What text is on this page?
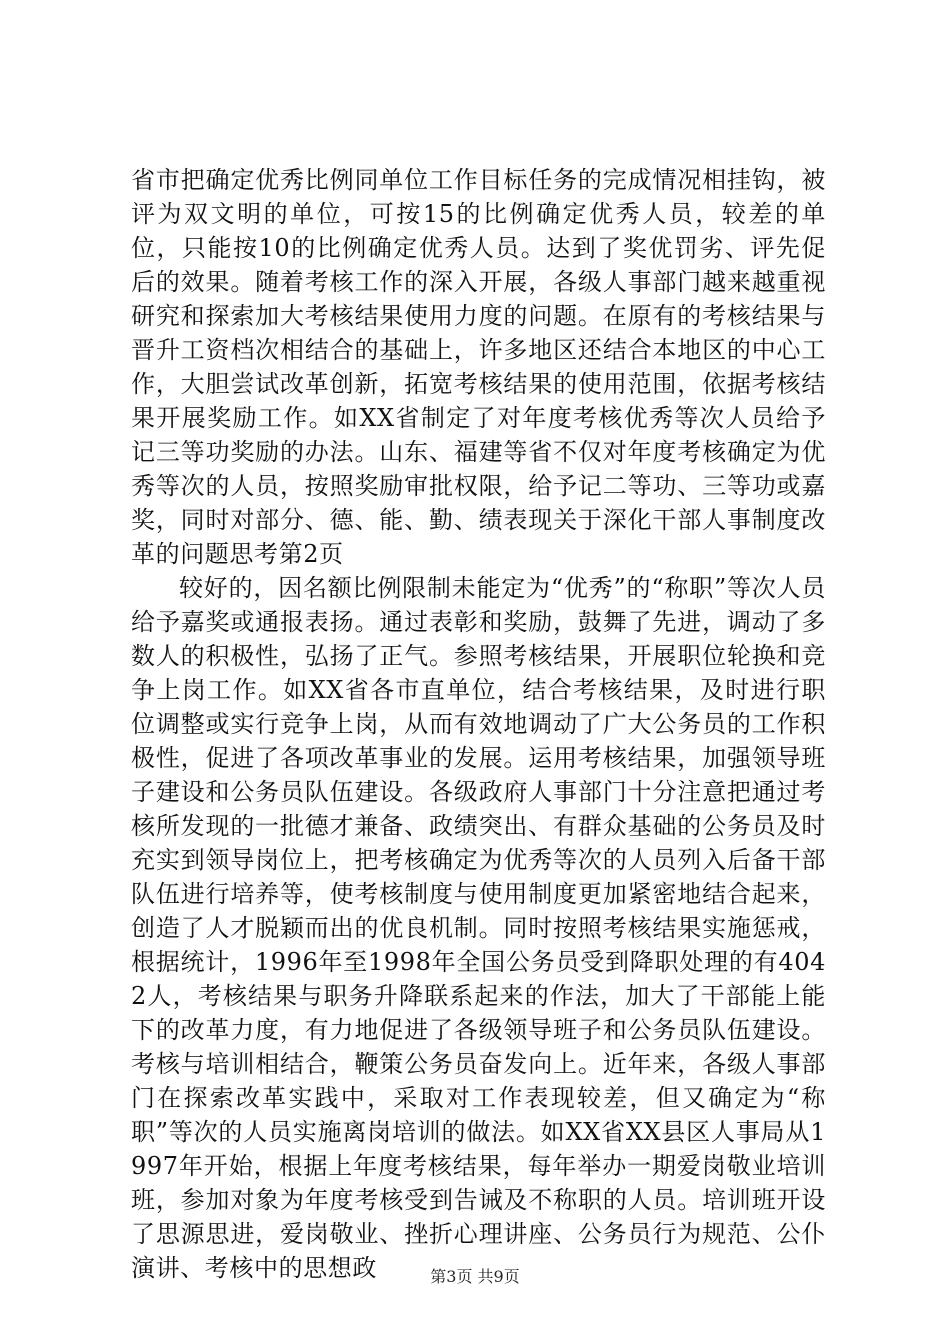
省市把确定优秀比例同单位工作目标任务的完成情况相挂钩，被评为双文明的单位，可按15的比例确定优秀人员，较差的单位，只能按10的比例确定优秀人员。达到了奖优罚劣、评先促后的效果。随着考核工作的深入开展，各级人事部门越来越重视研究和探索加大考核结果使用力度的问题。在原有的考核结果与晋升工资档次相结合的基础上，许多地区还结合本地区的中心工作，大胆尝试改革创新，拓宽考核结果的使用范围，依据考核结果开展奖励工作。如XX省制定了对年度考核优秀等次人员给予记三等功奖励的办法。山东、福建等省不仅对年度考核确定为优秀等次的人员，按照奖励审批权限，给予记二等功、三等功或嘉奖，同时对部分、德、能、勤、绩表现关于深化干部人事制度改革的问题思考第2页

较好的，因名额比例限制未能定为“优秀”的“称职”等次人员给予嘉奖或通报表扬。通过表彰和奖励，鼓舞了先进，调动了多数人的积极性，弘扬了正气。参照考核结果，开展职位轮换和竞争上岗工作。如XX省各市直单位，结合考核结果，及时进行职位调整或实行竞争上岗，从而有效地调动了广大公务员的工作积极性，促进了各项改革事业的发展。运用考核结果，加强领导班子建设和公务员队伍建设。各级政府人事部门十分注意把通过考核所发现的一批德才兼备、政绩突出、有群众基础的公务员及时充实到领导岗位上，把考核确定为优秀等次的人员列入后备干部队伍进行培养等，使考核制度与使用制度更加紧密地结合起来，创造了人才脱颖而出的优良机制。同时按照考核结果实施惩戒，根据统计，1996年至1998年全国公务员受到降职处理的有4042人，考核结果与职务升降联系起来的作法，加大了干部能上能下的改革力度，有力地促进了各级领导班子和公务员队伍建设。考核与培训相结合，鞭策公务员奋发向上。近年来，各级人事部门在探索改革实践中，采取对工作表现较差，但又确定为“称职”等次的人员实施离岗培训的做法。如XX省XX县区人事局从1997年开始，根据上年度考核结果，每年举办一期爱岗敬业培训班，参加对象为年度考核受到告诫及不称职的人员。培训班开设了思源思进，爱岗敬业、挫折心理讲座、公务员行为规范、公仆演讲、考核中的思想政	第3页 共9页
